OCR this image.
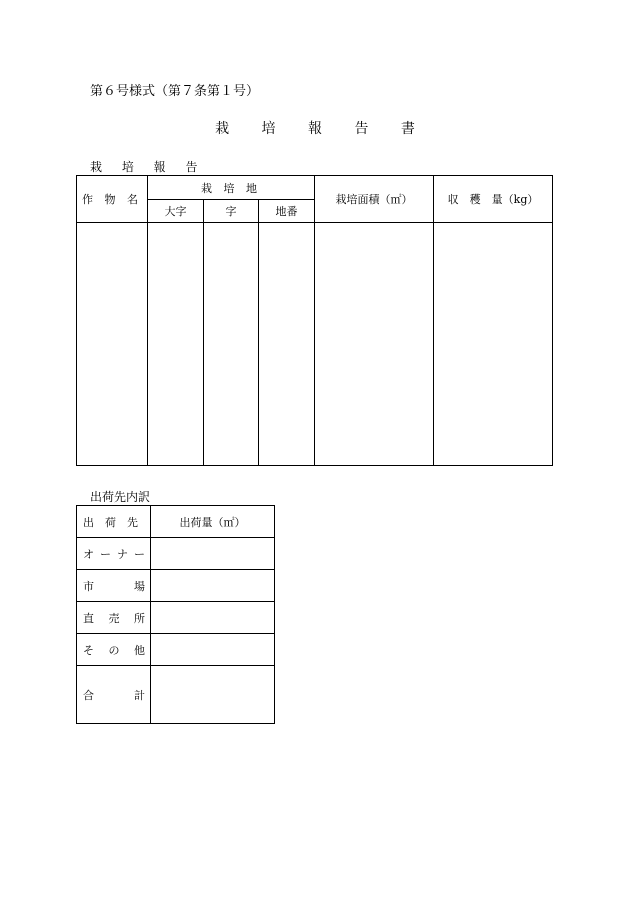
第６号様式（第７条第１号）
栽 培 報 告 書
栽 培 報 告
作 物 名	栽 培 地			栽培面積（㎡）	収　穫　量（kg）
	大字	字	地番		

出荷先内訳
出　荷　先	出荷量（㎡）

オ ー ナ ー	

市 場	

直 売 所	

そ の 他	

合 計	
